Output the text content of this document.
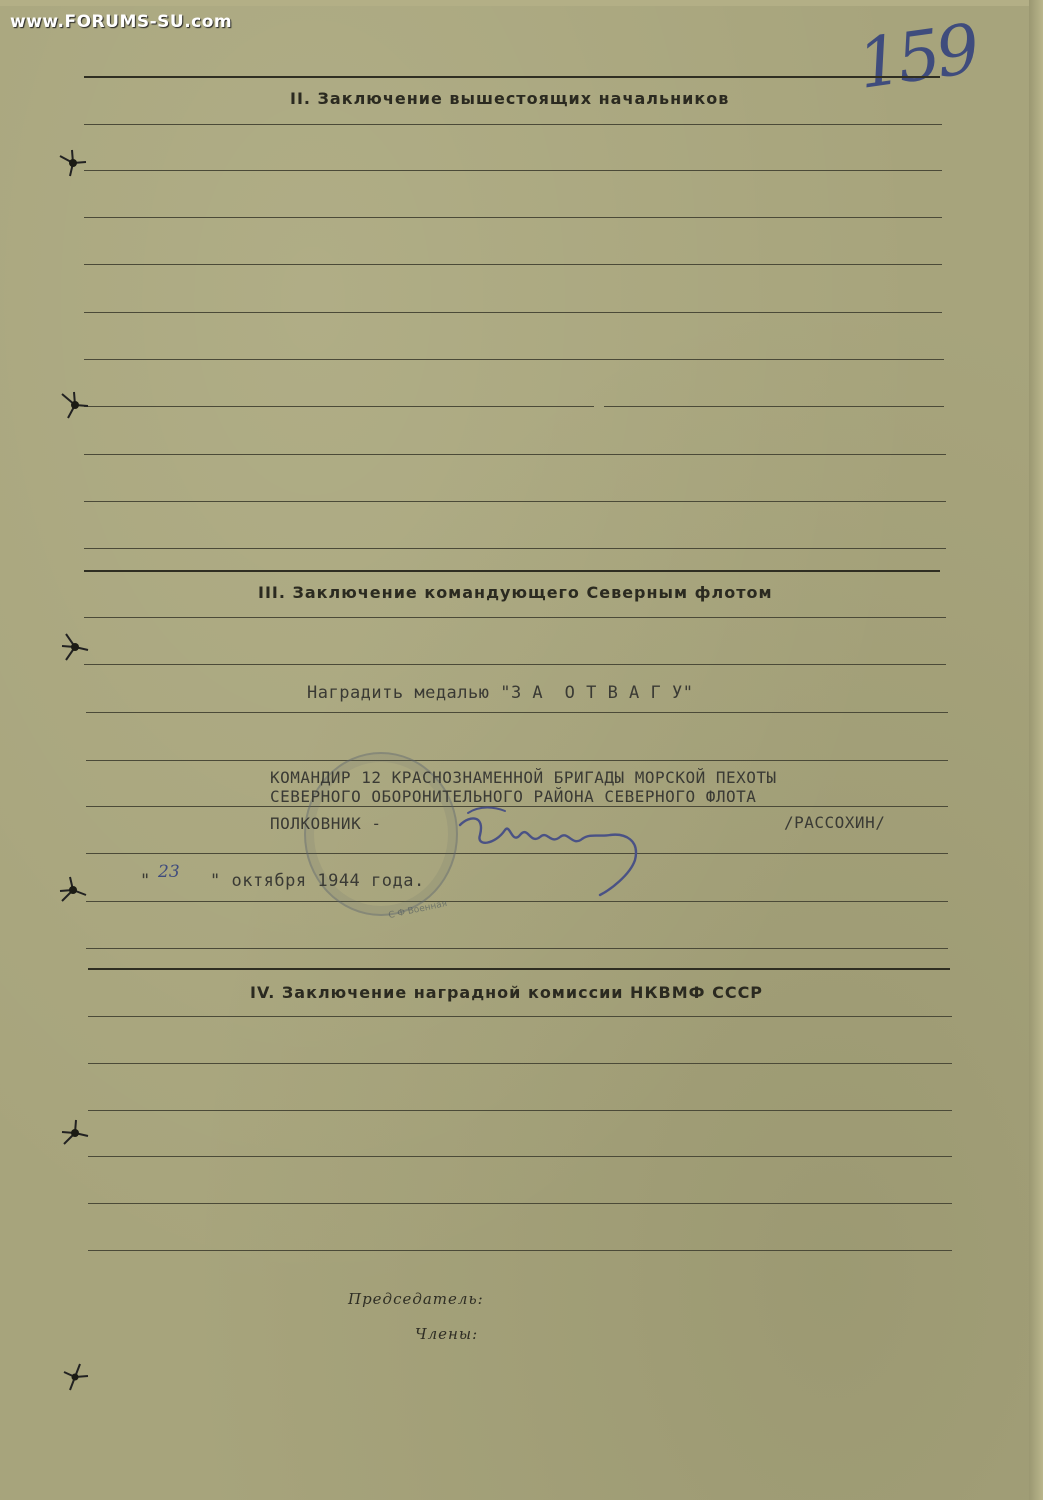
www.FORUMS-SU.com	159
II. Заключение вышестоящих начальников
III. Заключение командующего Северным флотом
Наградить медалью "З А  О Т В А Г У"
С Ф Военная
КОМАНДИР 12 КРАСНОЗНАМЕННОЙ БРИГАДЫ МОРСКОЙ ПЕХОТЫ
СЕВЕРНОГО ОБОРОНИТЕЛЬНОГО РАЙОНА СЕВЕРНОГО ФЛОТА
ПОЛКОВНИК -	/РАССОХИН/
" 23 " октября 1944 года.
IV. Заключение наградной комиссии НКВМФ СССР
Председатель:
Члены:
